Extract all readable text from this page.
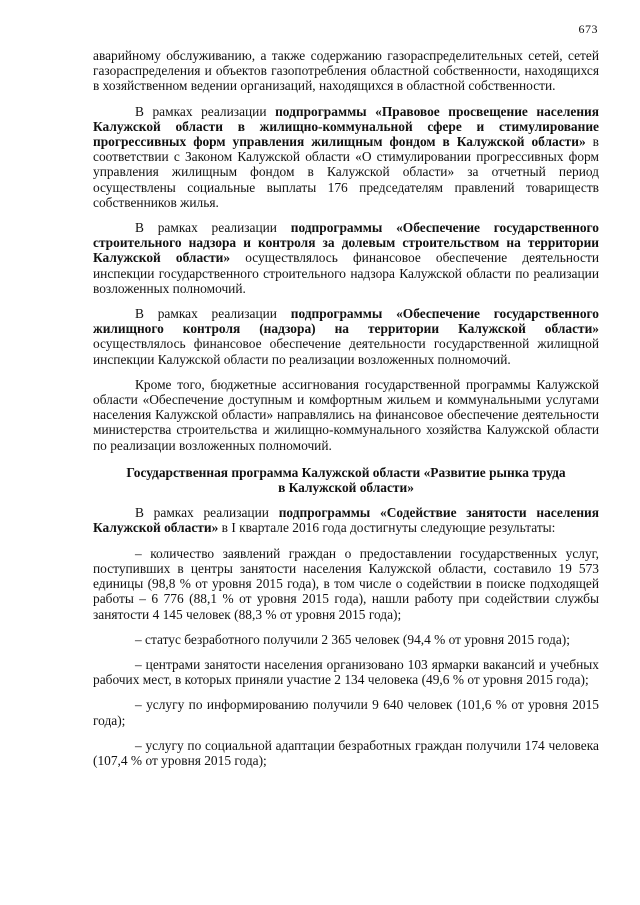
673

аварийному обслуживанию, а также содержанию газораспределительных сетей, сетей газораспределения и объектов газопотребления областной собственности, находящихся в хозяйственном ведении организаций, находящихся в областной собственности.

В рамках реализации подпрограммы «Правовое просвещение населения Калужской области в жилищно-коммунальной сфере и стимулирование прогрессивных форм управления жилищным фондом в Калужской области» в соответствии с Законом Калужской области «О стимулировании прогрессивных форм управления жилищным фондом в Калужской области» за отчетный период осуществлены социальные выплаты 176 председателям правлений товариществ собственников жилья.

В рамках реализации подпрограммы «Обеспечение государственного строительного надзора и контроля за долевым строительством на территории Калужской области» осуществлялось финансовое обеспечение деятельности инспекции государственного строительного надзора Калужской области по реализации возложенных полномочий.

В рамках реализации подпрограммы «Обеспечение государственного жилищного контроля (надзора) на территории Калужской области» осуществлялось финансовое обеспечение деятельности государственной жилищной инспекции Калужской области по реализации возложенных полномочий.

Кроме того, бюджетные ассигнования государственной программы Калужской области «Обеспечение доступным и комфортным жильем и коммунальными услугами населения Калужской области» направлялись на финансовое обеспечение деятельности министерства строительства и жилищно-коммунального хозяйства Калужской области по реализации возложенных полномочий.

Государственная программа Калужской области «Развитие рынка труда
в Калужской области»

В рамках реализации подпрограммы «Содействие занятости населения Калужской области» в I квартале 2016 года достигнуты следующие результаты:

– количество заявлений граждан о предоставлении государственных услуг, поступивших в центры занятости населения Калужской области, составило 19 573 единицы (98,8 % от уровня 2015 года), в том числе о содействии в поиске подходящей работы – 6 776 (88,1 % от уровня 2015 года), нашли работу при содействии службы занятости 4 145 человек (88,3 % от уровня 2015 года);

– статус безработного получили 2 365 человек (94,4 % от уровня 2015 года);

– центрами занятости населения организовано 103 ярмарки вакансий и учебных рабочих мест, в которых приняли участие 2 134 человека (49,6 % от уровня 2015 года);

– услугу по информированию получили 9 640 человек (101,6 % от уровня 2015 года);

– услугу по социальной адаптации безработных граждан получили 174 человека (107,4 % от уровня 2015 года);
